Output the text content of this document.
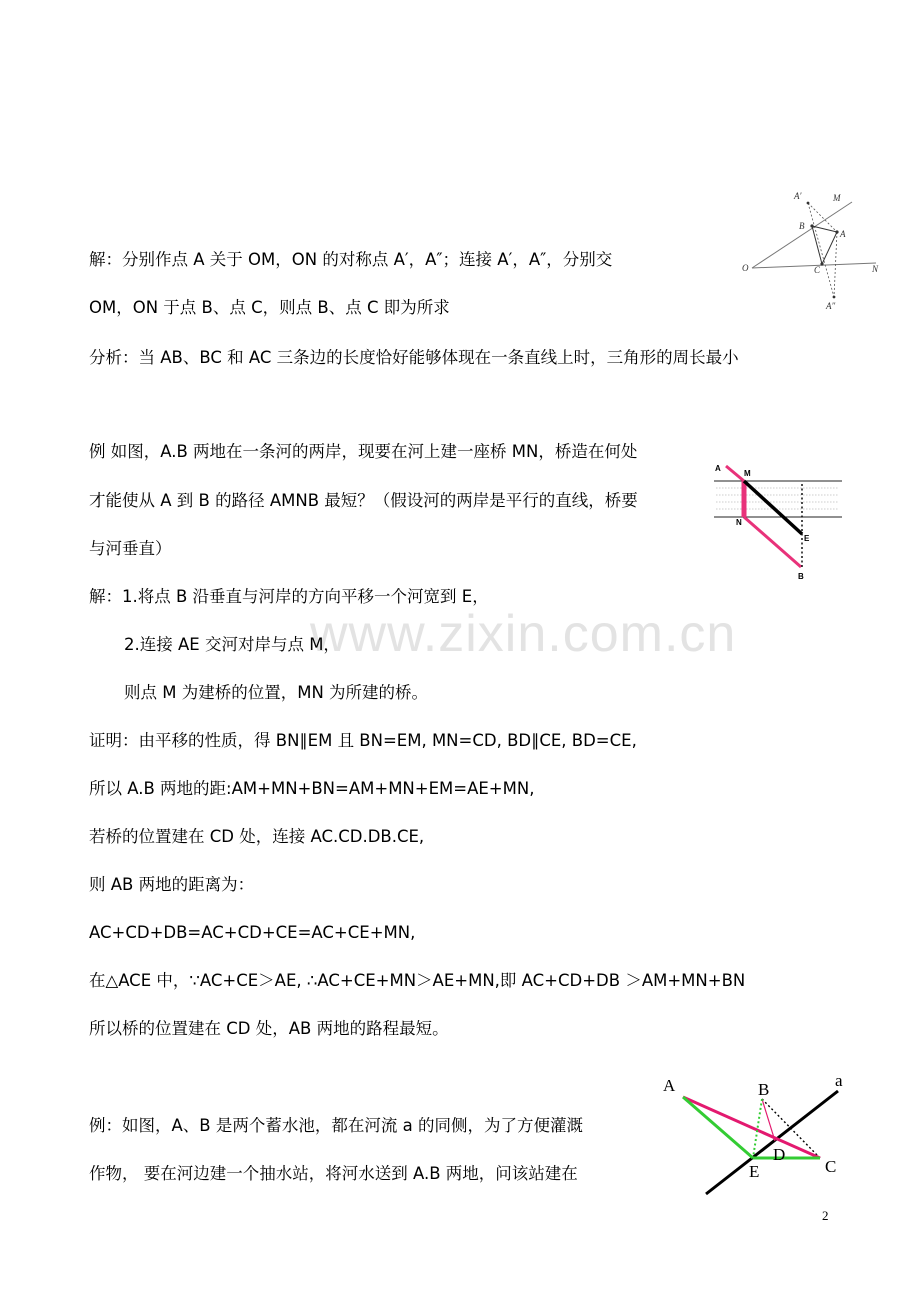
www.zixin.com.cn

解：分别作点 A 关于 OM，ON 的对称点 A′，A″；连接 A′，A″，分别交

OM，ON 于点 B、点 C，则点 B、点 C 即为所求

分析：当 AB、BC 和 AC 三条边的长度恰好能够体现在一条直线上时，三角形的周长最小

例 如图，A.B 两地在一条河的两岸，现要在河上建一座桥 MN，桥造在何处

才能使从 A 到 B 的路径 AMNB 最短？（假设河的两岸是平行的直线，桥要

与河垂直）

解：1.将点 B 沿垂直与河岸的方向平移一个河宽到 E，

2.连接 AE 交河对岸与点 M，

则点 M 为建桥的位置，MN 为所建的桥。

证明：由平移的性质，得 BN∥EM 且 BN=EM, MN=CD, BD∥CE, BD=CE,

所以 A.B 两地的距:AM+MN+BN=AM+MN+EM=AE+MN,

若桥的位置建在 CD 处，连接 AC.CD.DB.CE,

则 AB 两地的距离为：

AC+CD+DB=AC+CD+CE=AC+CE+MN,

在△ACE 中，∵AC+CE＞AE, ∴AC+CE+MN＞AE+MN,即 AC+CD+DB ＞AM+MN+BN

所以桥的位置建在 CD 处，AB 两地的路程最短。

例：如图，A、B 是两个蓄水池，都在河流 a 的同侧，为了方便灌溉

作物， 要在河边建一个抽水站，将河水送到 A.B 两地，问该站建在

A′	M
B
A
O	C	N
A″
A
M
N
E
B
A	B	a
D
E	C
2
